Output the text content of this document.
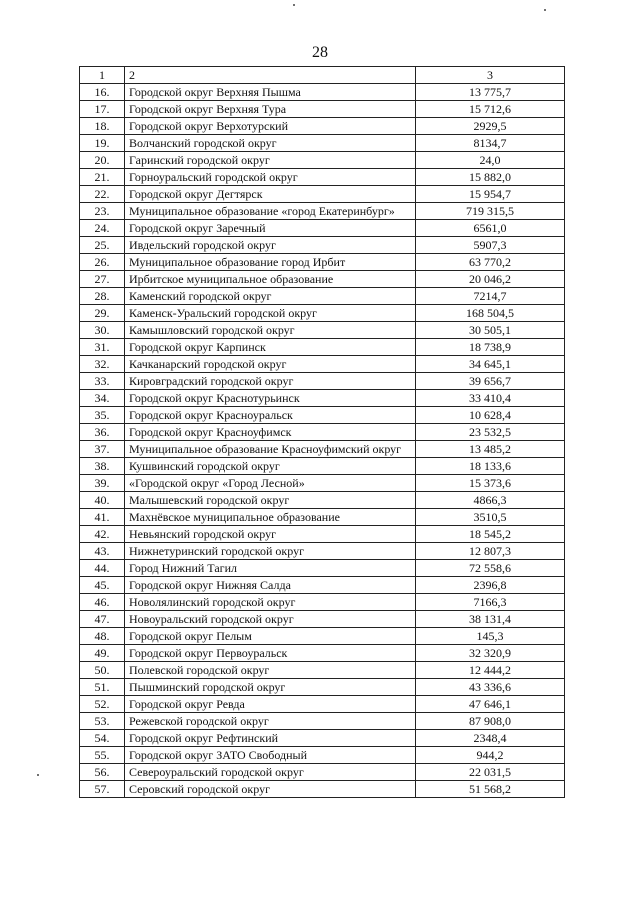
28
1	2	3
16.	Городской округ Верхняя Пышма	13 775,7
17.	Городской округ Верхняя Тура	15 712,6
18.	Городской округ Верхотурский	2929,5
19.	Волчанский городской округ	8134,7
20.	Гаринский городской округ	24,0
21.	Горноуральский городской округ	15 882,0
22.	Городской округ Дегтярск	15 954,7
23.	Муниципальное образование «город Екатеринбург»	719 315,5
24.	Городской округ Заречный	6561,0
25.	Ивдельский городской округ	5907,3
26.	Муниципальное образование город Ирбит	63 770,2
27.	Ирбитское муниципальное образование	20 046,2
28.	Каменский городской округ	7214,7
29.	Каменск-Уральский городской округ	168 504,5
30.	Камышловский городской округ	30 505,1
31.	Городской округ Карпинск	18 738,9
32.	Качканарский городской округ	34 645,1
33.	Кировградский городской округ	39 656,7
34.	Городской округ Краснотурьинск	33 410,4
35.	Городской округ Красноуральск	10 628,4
36.	Городской округ Красноуфимск	23 532,5
37.	Муниципальное образование Красноуфимский округ	13 485,2
38.	Кушвинский городской округ	18 133,6
39.	«Городской округ «Город Лесной»	15 373,6
40.	Малышевский городской округ	4866,3
41.	Махнёвское муниципальное образование	3510,5
42.	Невьянский городской округ	18 545,2
43.	Нижнетуринский городской округ	12 807,3
44.	Город Нижний Тагил	72 558,6
45.	Городской округ Нижняя Салда	2396,8
46.	Новолялинский городской округ	7166,3
47.	Новоуральский городской округ	38 131,4
48.	Городской округ Пелым	145,3
49.	Городской округ Первоуральск	32 320,9
50.	Полевской городской округ	12 444,2
51.	Пышминский городской округ	43 336,6
52.	Городской округ Ревда	47 646,1
53.	Режевской городской округ	87 908,0
54.	Городской округ Рефтинский	2348,4
55.	Городской округ ЗАТО Свободный	944,2
56.	Североуральский городской округ	22 031,5
57.	Серовский городской округ	51 568,2
